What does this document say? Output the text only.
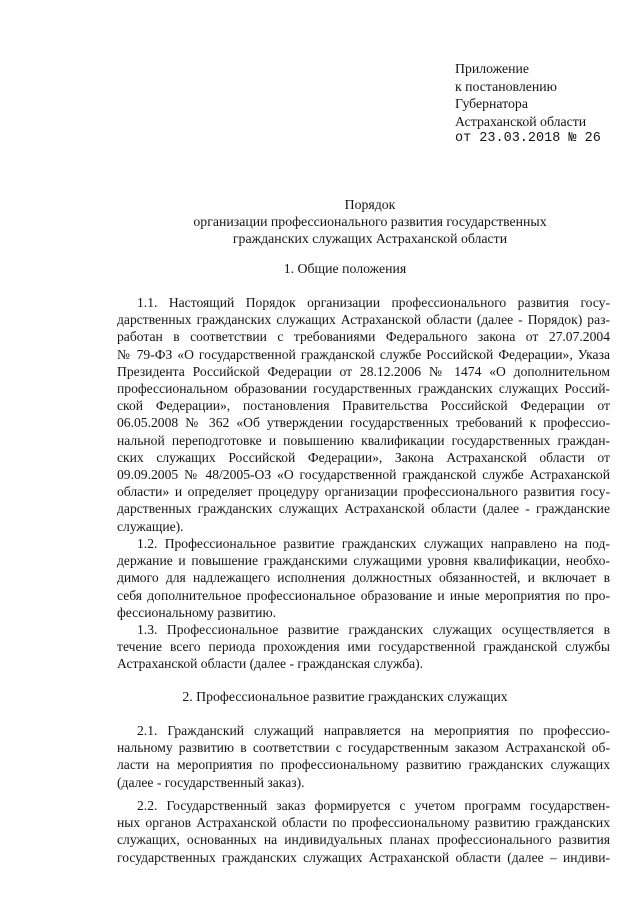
Приложение
к постановлению
Губернатора
Астраханской области
от 23.03.2018 № 26
Порядок
организации профессионального развития государственных
гражданских служащих Астраханской области
1. Общие положения
1.1. Настоящий Порядок организации профессионального развития госу-
дарственных гражданских служащих Астраханской области (далее - Порядок) раз-
работан в соответствии с требованиями Федерального закона от 27.07.2004
№ 79-ФЗ «О государственной гражданской службе Российской Федерации», Указа
Президента Российской Федерации от 28.12.2006 № 1474 «О дополнительном
профессиональном образовании государственных гражданских служащих Россий-
ской Федерации», постановления Правительства Российской Федерации от
06.05.2008 № 362 «Об утверждении государственных требований к профессио-
нальной переподготовке и повышению квалификации государственных граждан-
ских служащих Российской Федерации», Закона Астраханской области от
09.09.2005 № 48/2005-ОЗ «О государственной гражданской службе Астраханской
области» и определяет процедуру организации профессионального развития госу-
дарственных гражданских служащих Астраханской области (далее - гражданские
служащие).
1.2. Профессиональное развитие гражданских служащих направлено на под-
держание и повышение гражданскими служащими уровня квалификации, необхо-
димого для надлежащего исполнения должностных обязанностей, и включает в
себя дополнительное профессиональное образование и иные мероприятия по про-
фессиональному развитию.
1.3. Профессиональное развитие гражданских служащих осуществляется в
течение всего периода прохождения ими государственной гражданской службы
Астраханской области (далее - гражданская служба).
2. Профессиональное развитие гражданских служащих
2.1. Гражданский служащий направляется на мероприятия по профессио-
нальному развитию в соответствии с государственным заказом Астраханской об-
ласти на мероприятия по профессиональному развитию гражданских служащих
(далее - государственный заказ).
2.2. Государственный заказ формируется с учетом программ государствен-
ных органов Астраханской области по профессиональному развитию гражданских
служащих, основанных на индивидуальных планах профессионального развития
государственных гражданских служащих Астраханской области (далее – индиви-
